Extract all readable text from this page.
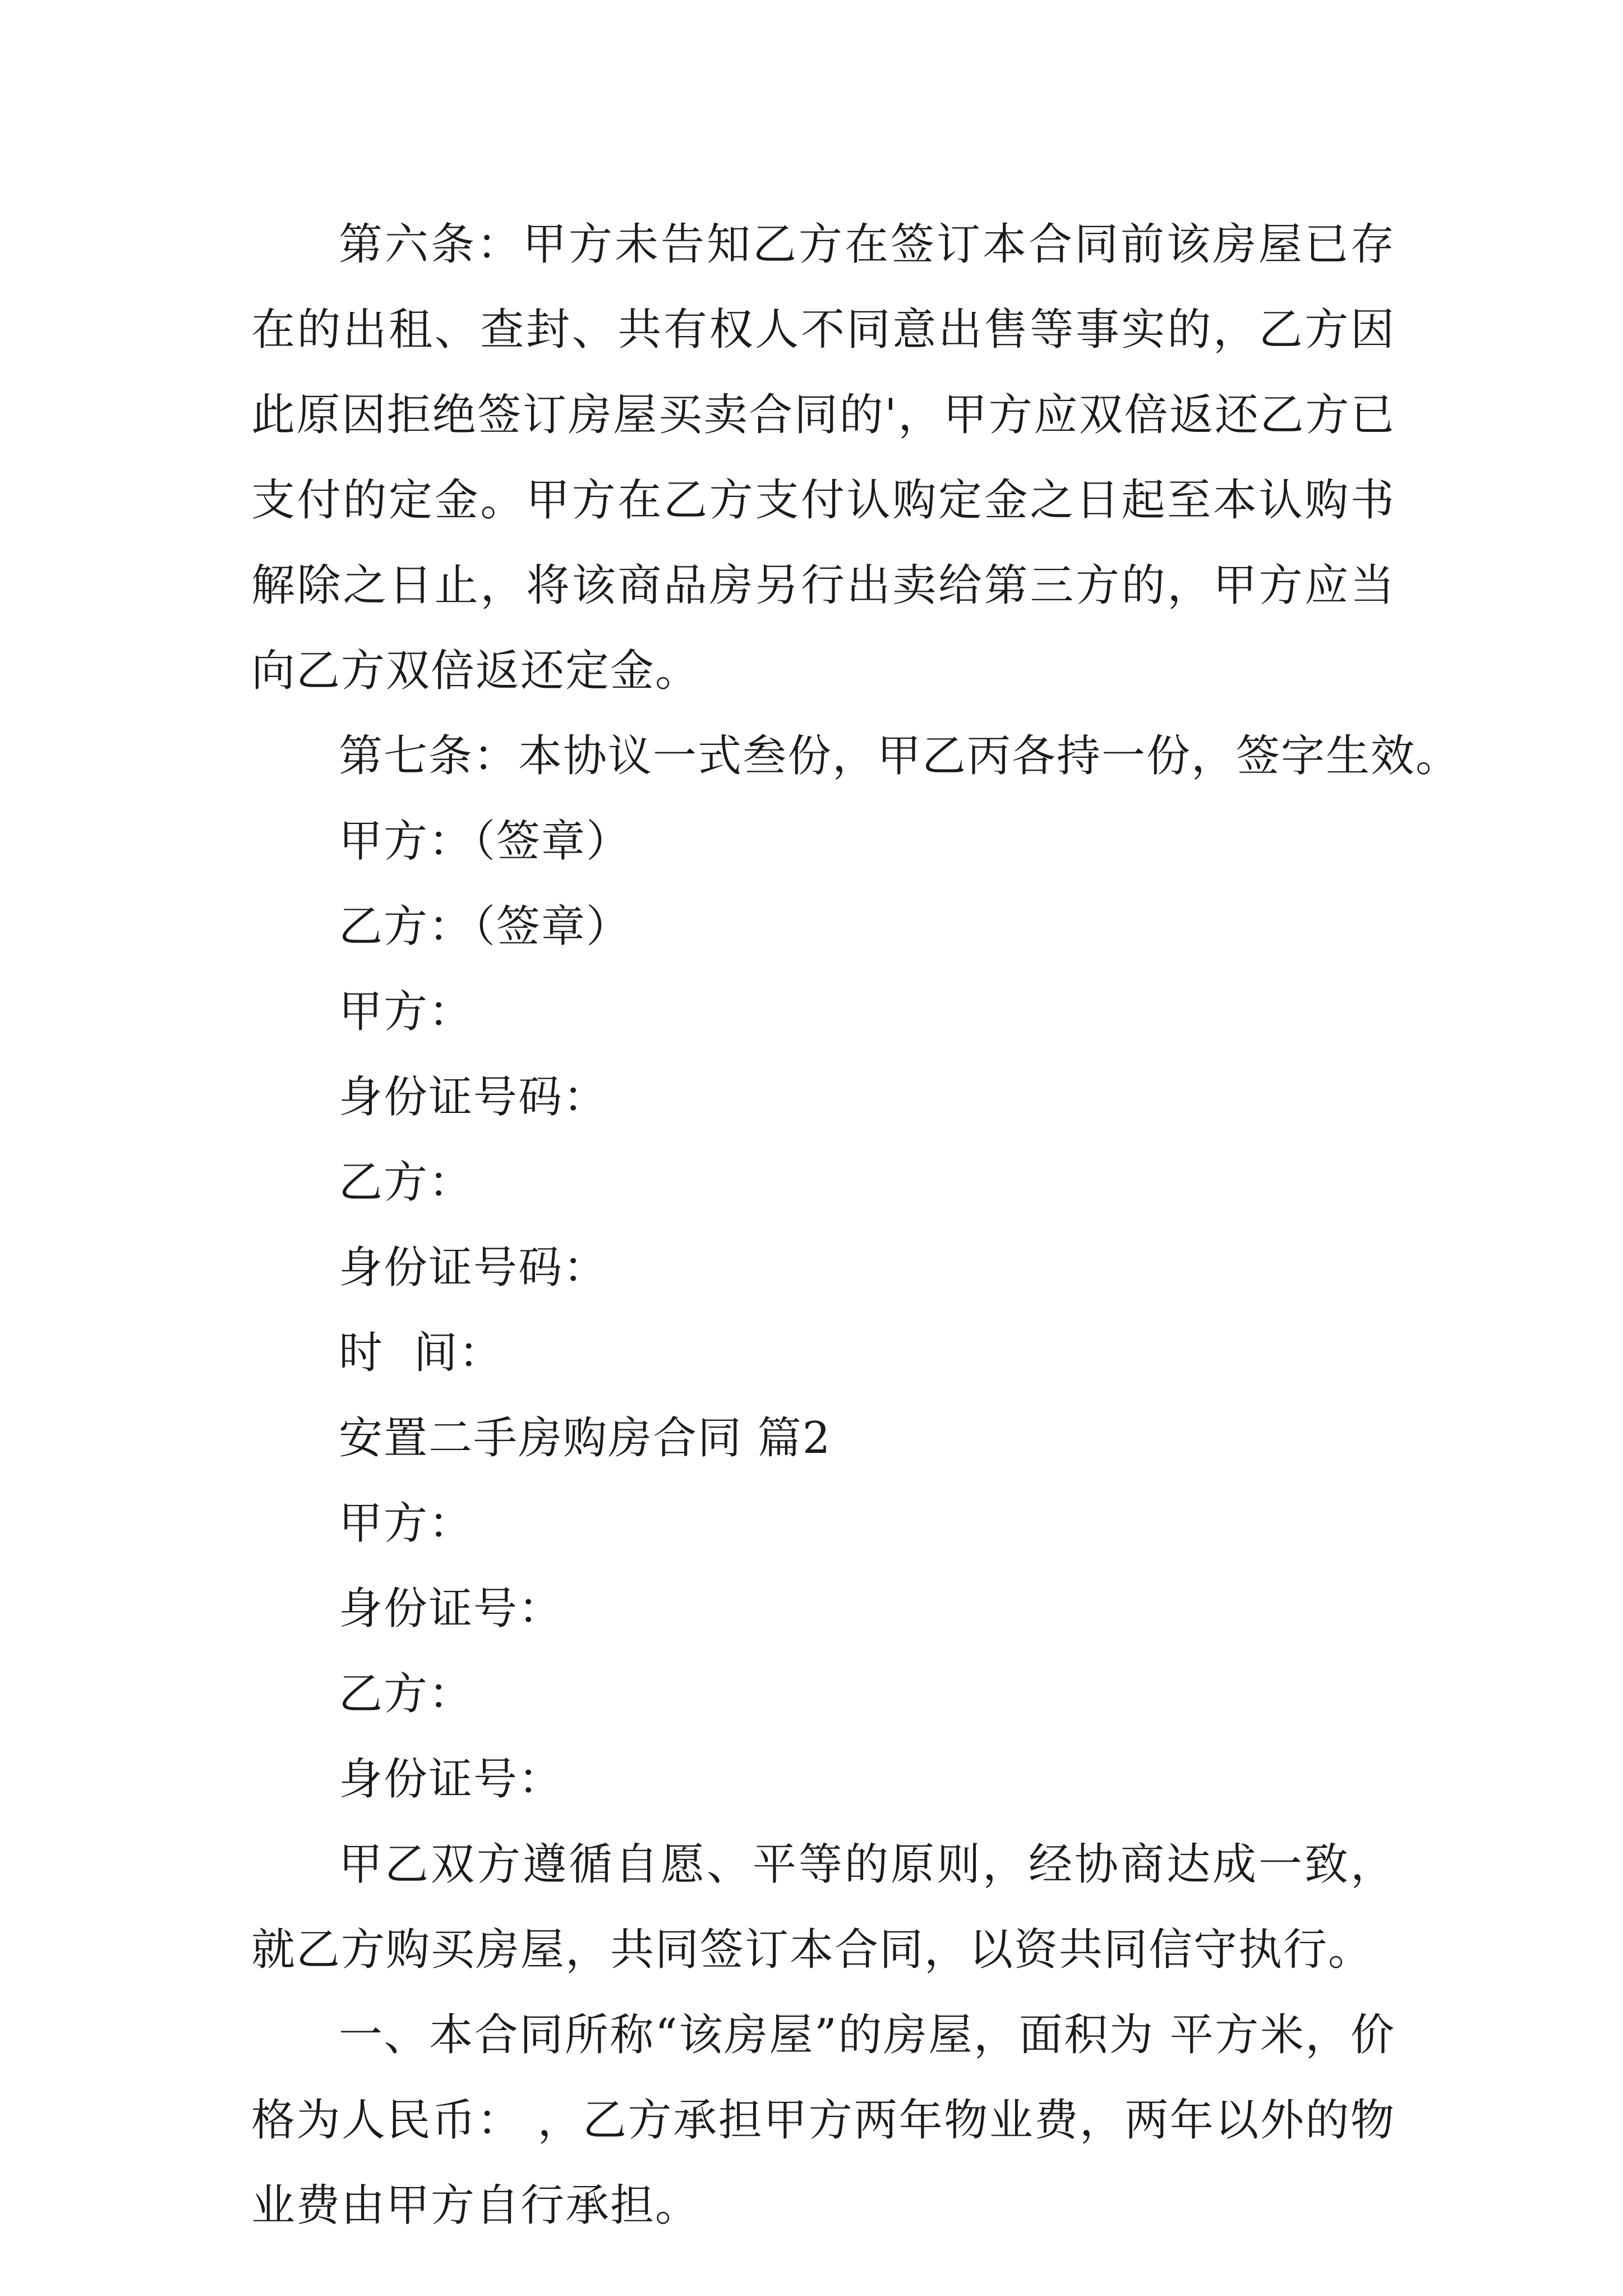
第六条：甲方未告知乙方在签订本合同前该房屋已存在的出租、查封、共有权人不同意出售等事实的，乙方因此原因拒绝签订房屋买卖合同的'，甲方应双倍返还乙方已支付的定金。甲方在乙方支付认购定金之日起至本认购书解除之日止，将该商品房另行出卖给第三方的，甲方应当向乙方双倍返还定金。

第七条：本协议一式叁份，甲乙丙各持一份，签字生效。

甲方：（签章）

乙方：（签章）

甲方：

身份证号码：

乙方：

身份证号码：

时  间：

安置二手房购房合同 篇2

甲方：

身份证号：

乙方：

身份证号：

甲乙双方遵循自愿、平等的原则，经协商达成一致，就乙方购买房屋，共同签订本合同，以资共同信守执行。

一、本合同所称“该房屋”的房屋，面积为 平方米，价格为人民币： ，乙方承担甲方两年物业费，两年以外的物业费由甲方自行承担。
